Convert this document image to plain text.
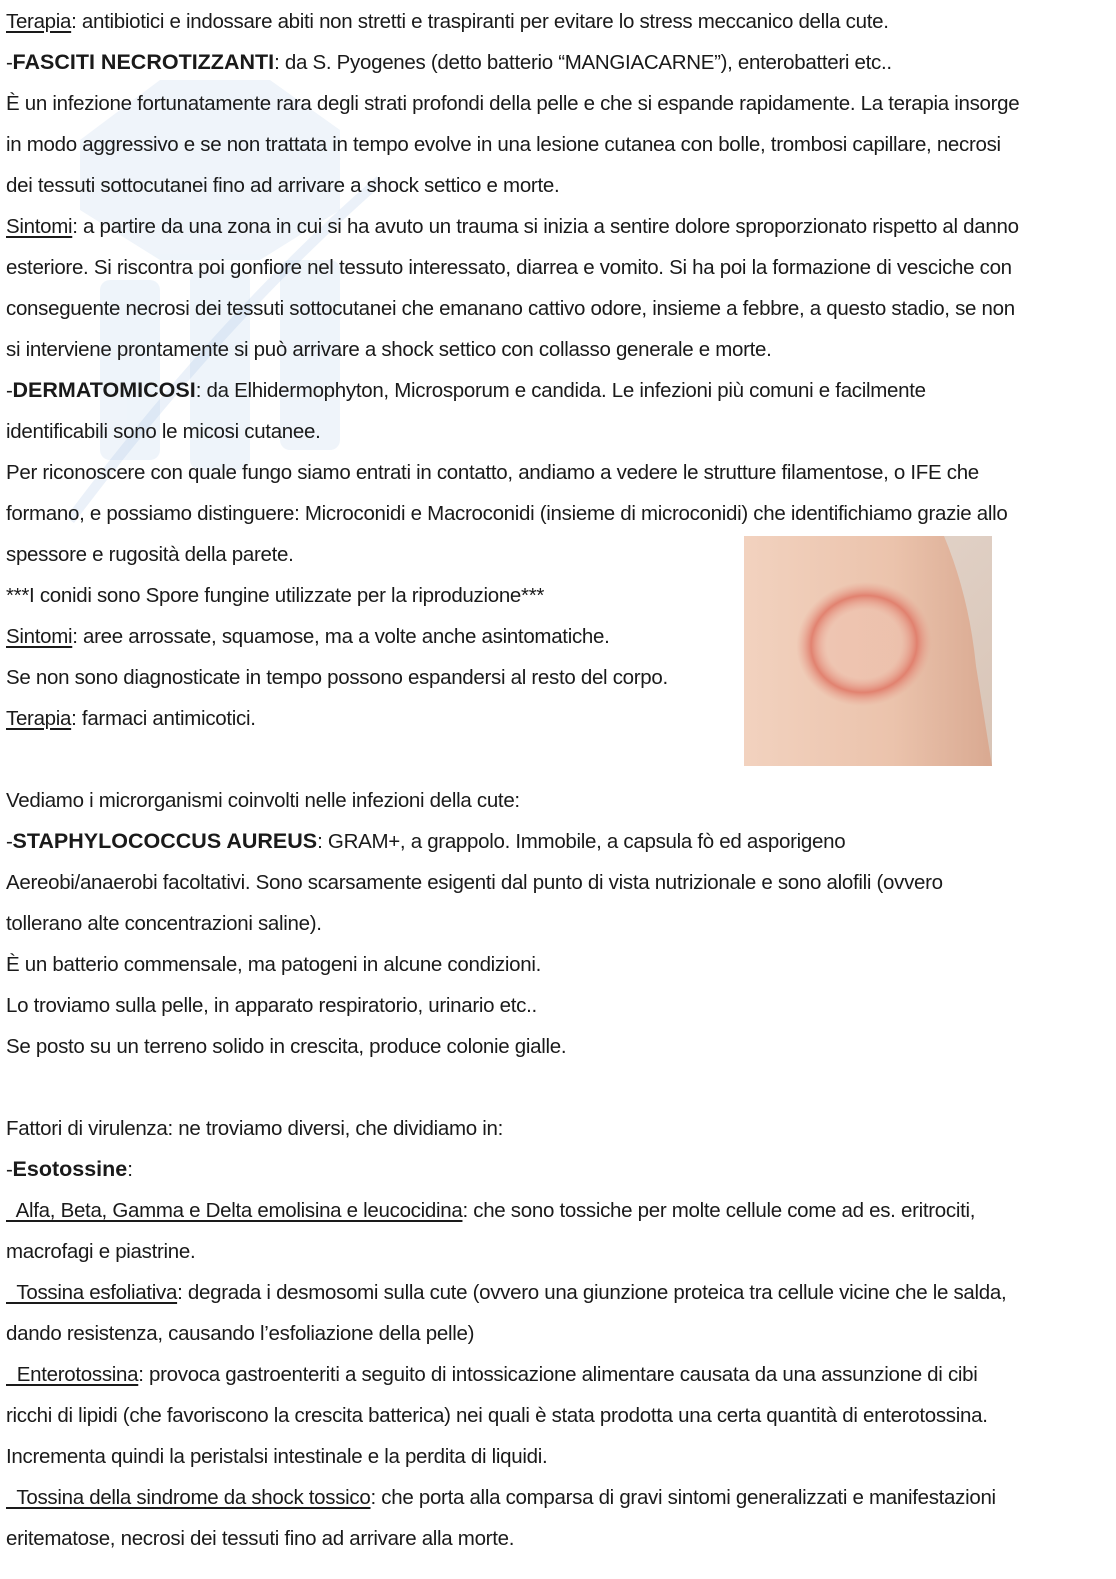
Terapia: antibiotici e indossare abiti non stretti e traspiranti per evitare lo stress meccanico della cute.
-FASCITI NECROTIZZANTI: da S. Pyogenes (detto batterio “MANGIACARNE”), enterobatteri etc..
È un infezione fortunatamente rara degli strati profondi della pelle e che si espande rapidamente. La terapia insorge
in modo aggressivo e se non trattata in tempo evolve in una lesione cutanea con bolle, trombosi capillare, necrosi
dei tessuti sottocutanei fino ad arrivare a shock settico e morte.
Sintomi: a partire da una zona in cui si ha avuto un trauma si inizia a sentire dolore sproporzionato rispetto al danno
esteriore. Si riscontra poi gonfiore nel tessuto interessato, diarrea e vomito. Si ha poi la formazione di vesciche con
conseguente necrosi dei tessuti sottocutanei che emanano cattivo odore, insieme a febbre, a questo stadio, se non
si interviene prontamente si può arrivare a shock settico con collasso generale e morte.
-DERMATOMICOSI: da Elhidermophyton, Microsporum e candida. Le infezioni più comuni e facilmente
identificabili sono le micosi cutanee.
Per riconoscere con quale fungo siamo entrati in contatto, andiamo a vedere le strutture filamentose, o IFE che
formano, e possiamo distinguere: Microconidi e Macroconidi (insieme di microconidi) che identifichiamo grazie allo
spessore e rugosità della parete.
***I conidi sono Spore fungine utilizzate per la riproduzione***
Sintomi: aree arrossate, squamose, ma a volte anche asintomatiche.
Se non sono diagnosticate in tempo possono espandersi al resto del corpo.
Terapia: farmaci antimicotici.
Vediamo i microrganismi coinvolti nelle infezioni della cute:
-STAPHYLOCOCCUS AUREUS: GRAM+, a grappolo. Immobile, a capsula fò ed asporigeno
Aereobi/anaerobi facoltativi. Sono scarsamente esigenti dal punto di vista nutrizionale e sono alofili (ovvero
tollerano alte concentrazioni saline).
È un batterio commensale, ma patogeni in alcune condizioni.
Lo troviamo sulla pelle, in apparato respiratorio, urinario etc..
Se posto su un terreno solido in crescita, produce colonie gialle.
Fattori di virulenza: ne troviamo diversi, che dividiamo in:
-Esotossine:
Alfa, Beta, Gamma e Delta emolisina e leucocidina: che sono tossiche per molte cellule come ad es. eritrociti,
macrofagi e piastrine.
Tossina esfoliativa: degrada i desmosomi sulla cute (ovvero una giunzione proteica tra cellule vicine che le salda,
dando resistenza, causando l’esfoliazione della pelle)
Enterotossina: provoca gastroenteriti a seguito di intossicazione alimentare causata da una assunzione di cibi
ricchi di lipidi (che favoriscono la crescita batterica) nei quali è stata prodotta una certa quantità di enterotossina.
Incrementa quindi la peristalsi intestinale e la perdita di liquidi.
Tossina della sindrome da shock tossico: che porta alla comparsa di gravi sintomi generalizzati e manifestazioni
eritematose, necrosi dei tessuti fino ad arrivare alla morte.
